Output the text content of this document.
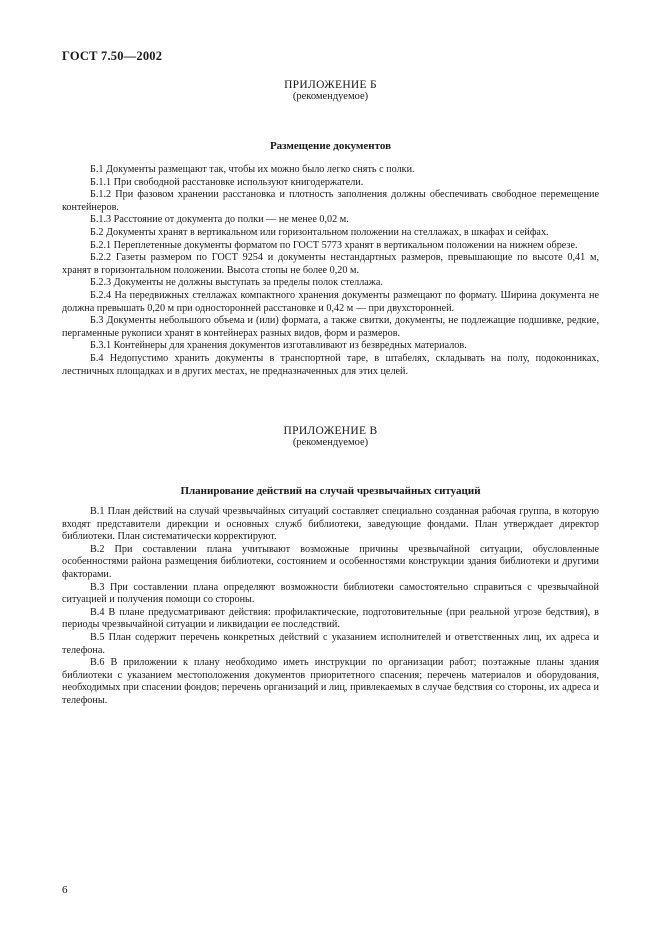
ГОСТ 7.50—2002
ПРИЛОЖЕНИЕ Б
(рекомендуемое)
Размещение документов

Б.1 Документы размещают так, чтобы их можно было легко снять с полки.

Б.1.1 При свободной расстановке используют книгодержатели.

Б.1.2 При фазовом хранении расстановка и плотность заполнения должны обеспечивать свободное перемещение контейнеров.

Б.1.3 Расстояние от документа до полки — не менее 0,02 м.

Б.2 Документы хранят в вертикальном или горизонтальном положении на стеллажах, в шкафах и сейфах.

Б.2.1 Переплетенные документы форматом по ГОСТ 5773 хранят в вертикальном положении на нижнем обрезе.

Б.2.2 Газеты размером по ГОСТ 9254 и документы нестандартных размеров, превышающие по высоте 0,41 м, хранят в горизонтальном положении. Высота стопы не более 0,20 м.

Б.2.3 Документы не должны выступать за пределы полок стеллажа.

Б.2.4 На передвижных стеллажах компактного хранения документы размещают по формату. Ширина документа не должна превышать 0,20 м при односторонней расстановке и 0,42 м — при двухсторонней.

Б.3 Документы небольшого объема и (или) формата, а также свитки, документы, не подлежащие подшивке, редкие, пергаменные рукописи хранят в контейнерах разных видов, форм и размеров.

Б.3.1 Контейнеры для хранения документов изготавливают из безвредных материалов.

Б.4 Недопустимо хранить документы в транспортной таре, в штабелях, складывать на полу, подоконниках, лестничных площадках и в других местах, не предназначенных для этих целей.

ПРИЛОЖЕНИЕ В
(рекомендуемое)
Планирование действий на случай чрезвычайных ситуаций

В.1 План действий на случай чрезвычайных ситуаций составляет специально созданная рабочая группа, в которую входят представители дирекции и основных служб библиотеки, заведующие фондами. План утверждает директор библиотеки. План систематически корректируют.

В.2 При составлении плана учитывают возможные причины чрезвычайной ситуации, обусловленные особенностями района размещения библиотеки, состоянием и особенностями конструкции здания библиотеки и другими факторами.

В.3 При составлении плана определяют возможности библиотеки самостоятельно справиться с чрезвычайной ситуацией и получения помощи со стороны.

В.4 В плане предусматривают действия: профилактические, подготовительные (при реальной угрозе бедствия), в периоды чрезвычайной ситуации и ликвидации ее последствий.

В.5 План содержит перечень конкретных действий с указанием исполнителей и ответственных лиц, их адреса и телефона.

В.6 В приложении к плану необходимо иметь инструкции по организации работ; поэтажные планы здания библиотеки с указанием местоположения документов приоритетного спасения; перечень материалов и оборудования, необходимых при спасении фондов; перечень организаций и лиц, привлекаемых в случае бедствия со стороны, их адреса и телефоны.

6
